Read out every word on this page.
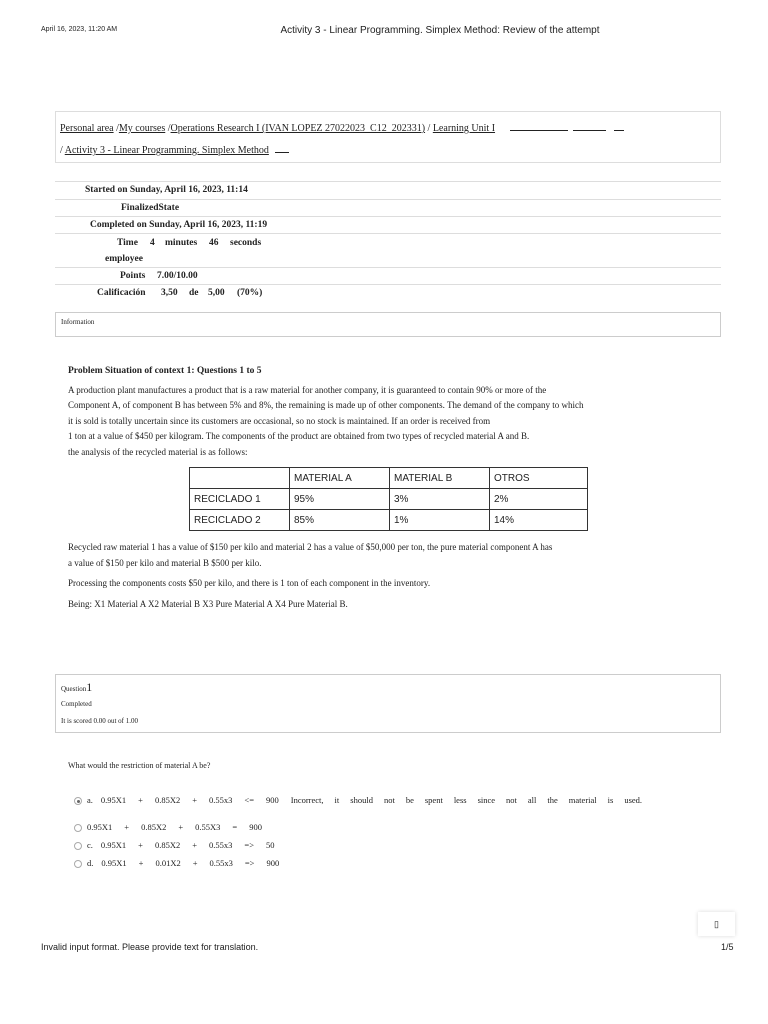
April 16, 2023, 11:20 AM	Activity 3 - Linear Programming. Simplex Method: Review of the attempt
Personal area /My courses /Operations Research I (IVAN LOPEZ 27022023_C12_202331) / Learning Unit I
/ Activity 3 - Linear Programming. Simplex Method
Started on Sunday, April 16, 2023, 11:14
FinalizedState
Completed on Sunday, April 16, 2023, 11:19
Time 4 minutes 46 seconds
employee
Points 7.00/10.00
Calificación 3,50 de 5,00 (70%)
Information

Problem Situation of context 1: Questions 1 to 5

A production plant manufactures a product that is a raw material for another company, it is guaranteed to contain 90% or more of the

Component A, of component B has between 5% and 8%, the remaining is made up of other components. The demand of the company to which

it is sold is totally uncertain since its customers are occasional, so no stock is maintained. If an order is received from

1 ton at a value of $450 per kilogram. The components of the product are obtained from two types of recycled material A and B.

the analysis of the recycled material is as follows:

	MATERIAL A	MATERIAL B	OTROS
RECICLADO 1	95%	3%	2%
RECICLADO 2	85%	1%	14%

Recycled raw material 1 has a value of $150 per kilo and material 2 has a value of $50,000 per ton, the pure material component A has
a value of $150 per kilo and material B $500 per kilo.

Processing the components costs $50 per kilo, and there is 1 ton of each component in the inventory.

Being: X1 Material A X2 Material B X3 Pure Material A X4 Pure Material B.

Question1
Completed
It is scored 0.00 out of 1.00
What would the restriction of material A be?
a. 0.95X1 + 0.85X2 + 0.55x3 <= 900 Incorrect, it should not be spent less since not all the material is used.
0.95X1 + 0.85X2 + 0.55X3 = 900
c. 0.95X1 + 0.85X2 + 0.55x3 => 50
d. 0.95X1 + 0.01X2 + 0.55x3 => 900
▯
Invalid input format. Please provide text for translation.	1/5
